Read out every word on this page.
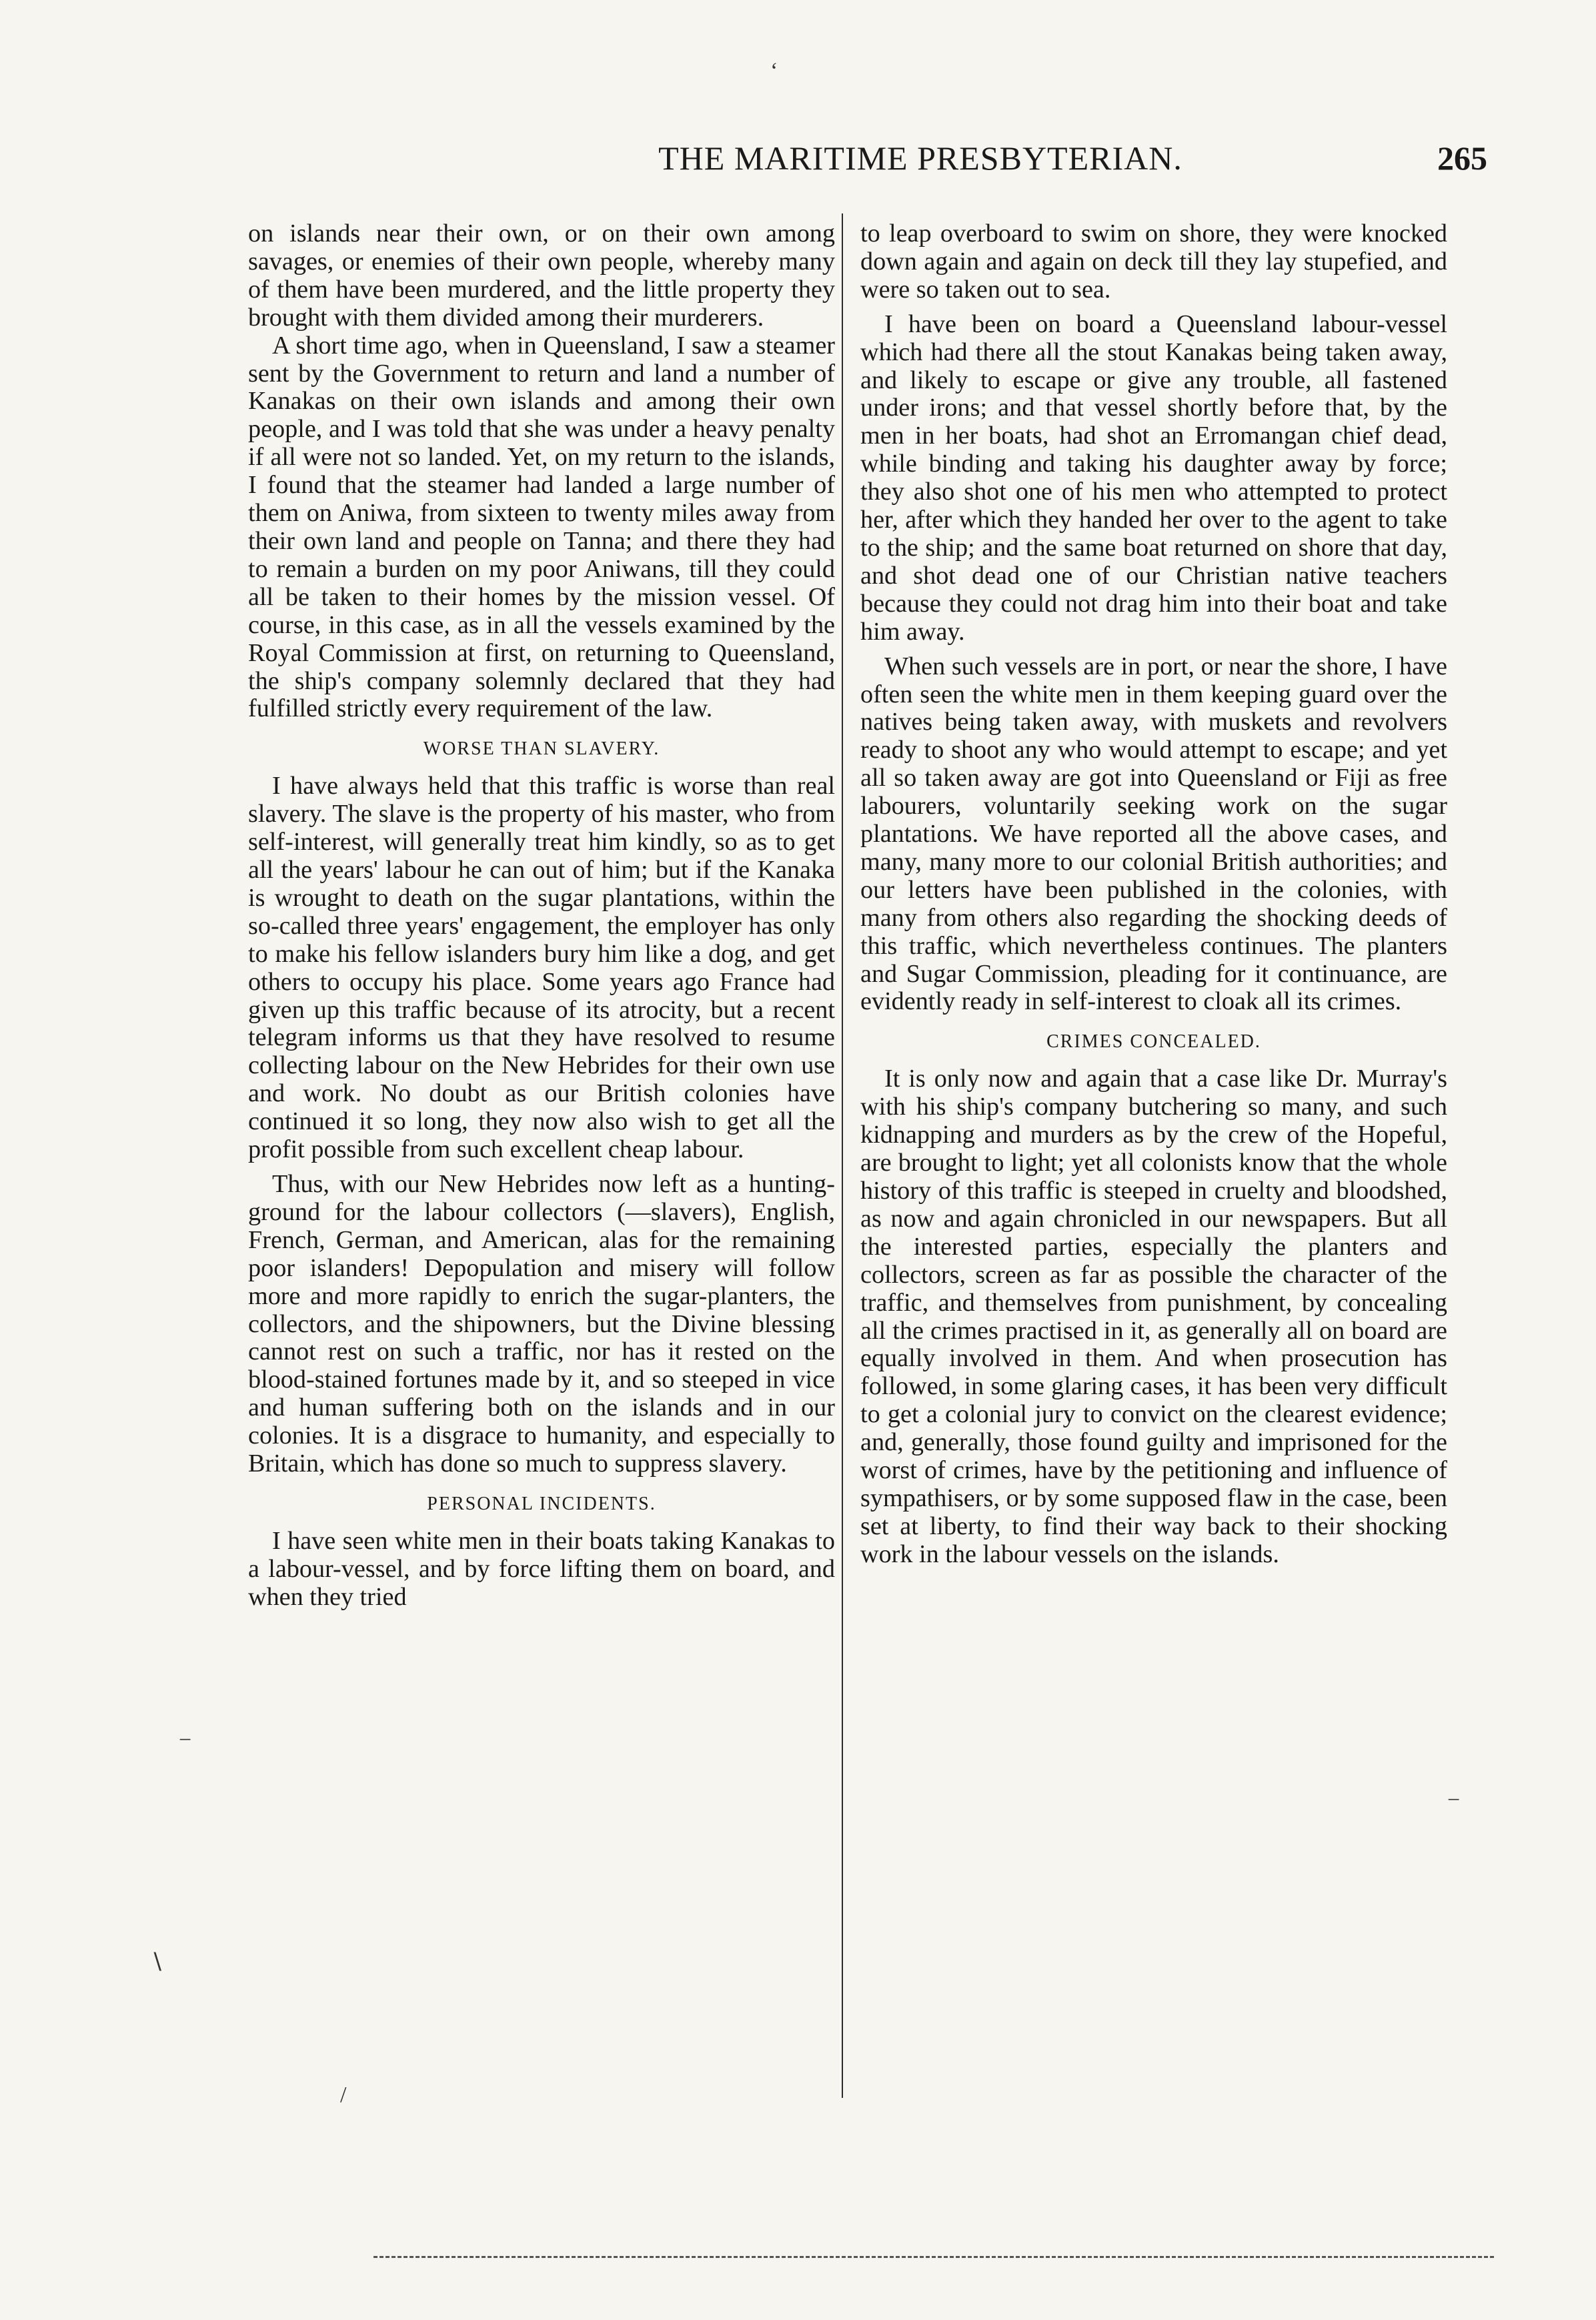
THE MARITIME PRESBYTERIAN.	265

on islands near their own, or on their own among savages, or enemies of their own people, whereby many of them have been murdered, and the little property they brought with them divided among their murderers.

A short time ago, when in Queensland, I saw a steamer sent by the Government to return and land a number of Kanakas on their own islands and among their own people, and I was told that she was under a heavy penalty if all were not so landed. Yet, on my return to the islands, I found that the steamer had landed a large number of them on Aniwa, from sixteen to twenty miles away from their own land and people on Tanna; and there they had to remain a burden on my poor Aniwans, till they could all be taken to their homes by the mission vessel. Of course, in this case, as in all the vessels examined by the Royal Commission at first, on returning to Queensland, the ship's company solemnly declared that they had fulfilled strictly every requirement of the law.

WORSE THAN SLAVERY.

I have always held that this traffic is worse than real slavery. The slave is the property of his master, who from self-interest, will generally treat him kindly, so as to get all the years' labour he can out of him; but if the Kanaka is wrought to death on the sugar plantations, within the so-called three years' engagement, the employer has only to make his fellow islanders bury him like a dog, and get others to occupy his place. Some years ago France had given up this traffic because of its atrocity, but a recent telegram informs us that they have resolved to resume collecting labour on the New Hebrides for their own use and work. No doubt as our British colonies have continued it so long, they now also wish to get all the profit possible from such excellent cheap labour.

Thus, with our New Hebrides now left as a hunting-ground for the labour collectors (—slavers), English, French, German, and American, alas for the remaining poor islanders! Depopulation and misery will follow more and more rapidly to enrich the sugar-planters, the collectors, and the shipowners, but the Divine blessing cannot rest on such a traffic, nor has it rested on the blood-stained fortunes made by it, and so steeped in vice and human suffering both on the islands and in our colonies. It is a disgrace to humanity, and especially to Britain, which has done so much to suppress slavery.

PERSONAL INCIDENTS.

I have seen white men in their boats taking Kanakas to a labour-vessel, and by force lifting them on board, and when they tried

to leap overboard to swim on shore, they were knocked down again and again on deck till they lay stupefied, and were so taken out to sea.

I have been on board a Queensland labour-vessel which had there all the stout Kanakas being taken away, and likely to escape or give any trouble, all fastened under irons; and that vessel shortly before that, by the men in her boats, had shot an Erromangan chief dead, while binding and taking his daughter away by force; they also shot one of his men who attempted to protect her, after which they handed her over to the agent to take to the ship; and the same boat returned on shore that day, and shot dead one of our Christian native teachers because they could not drag him into their boat and take him away.

When such vessels are in port, or near the shore, I have often seen the white men in them keeping guard over the natives being taken away, with muskets and revolvers ready to shoot any who would attempt to escape; and yet all so taken away are got into Queensland or Fiji as free labourers, voluntarily seeking work on the sugar plantations. We have reported all the above cases, and many, many more to our colonial British authorities; and our letters have been published in the colonies, with many from others also regarding the shocking deeds of this traffic, which nevertheless continues. The planters and Sugar Commission, pleading for it continuance, are evidently ready in self-interest to cloak all its crimes.

CRIMES CONCEALED.

It is only now and again that a case like Dr. Murray's with his ship's company butchering so many, and such kidnapping and murders as by the crew of the Hopeful, are brought to light; yet all colonists know that the whole history of this traffic is steeped in cruelty and bloodshed, as now and again chronicled in our newspapers. But all the interested parties, especially the planters and collectors, screen as far as possible the character of the traffic, and themselves from punishment, by concealing all the crimes practised in it, as generally all on board are equally involved in them. And when prosecution has followed, in some glaring cases, it has been very difficult to get a colonial jury to convict on the clearest evidence; and, generally, those found guilty and imprisoned for the worst of crimes, have by the petitioning and influence of sympathisers, or by some supposed flaw in the case, been set at liberty, to find their way back to their shocking work in the labour vessels on the islands.

‘
−
∖
/
−
